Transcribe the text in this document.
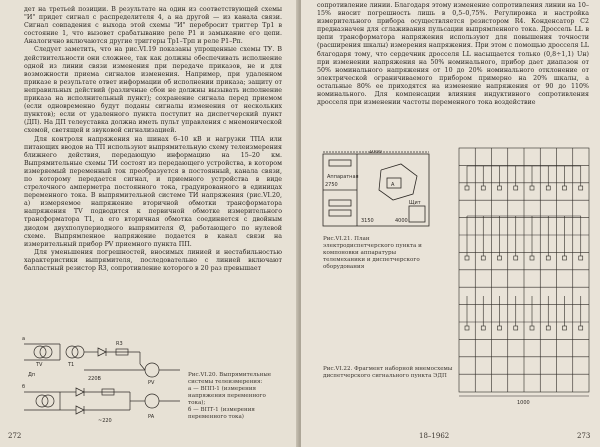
дет на третьей позиции. В результате на один из соответствующей схемы "И" придет сигнал с распределителя 4, а на другой — из канала связи. Сигнал совпадения с выхода этой схемы "И" перебросит триггер Тр1 в состояние 1, что вызовет срабатывание реле Р1 и замыкание его цепи. Аналогично включаются другие триггеры Тр1–Трп и реле Р1–Рп.

Следует заметить, что на рис.VI.19 показаны упрощенные схемы ТУ. В действительности они сложнее, так как должны обеспечивать исполнение одной из линии связи изменения при передаче приказов, не и для возможности приема сигналов изменения. Например, при удаленном приказе в результате ответ информации об исполнении приказа; защиту от неправильных действий (различные сбои не должны вызывать исполнение приказа на исполнительный пункт); сохранение сигнала перед приемом (если одновременно будут поданы сигналы изменения от нескольких пунктов); если от удаленного пункта поступит на диспетчерский пункт (ДП). На ДП телеуставка должна иметь пульт управления с мнемонической схемой, светящей и звуковой сигнализацией.

Для контроля напряжения на шинах 6–10 кВ и нагрузки ТПА или питающих вводов на ТП используют выпрямительную схему телеизмерения ближнего действия, передающую информацию на 15–20 км. Выпрямительные схемы ТИ состоят из передающего устройства, в котором измеряемый переменный ток преобразуется в постоянный, канала связи, по которому передается сигнал, и приемного устройства в виде стрелочного амперметра постоянного тока, градуированного в единицах переменного тока. В выпрямительной системе ТИ напряжения (рис.VI.20, а) измеряемое напряжение вторичной обмотки трансформатора напряжения TV подводится к первичной обмотке измерительного трансформатора T1, а его вторичная обмотка соединяется с двойным диодом двухполупериодного выпрямителя Ø, работающего по нулевой схеме. Выпрямленное напряжение подается в канал связи на измерительный прибор PV приемного пункта ПП.

Для уменьшения погрешностей, вносимых линией и нестабильностью характеристики выпрямителя, последовательно с линией включают балластный резистор R3, сопротивление которого в 20 раз превышает

а
б
TV	T1
PV
PA
Дп
R3
220В
~220
Рис.VI.20. Выпрямительные системы телеизмерения:
а — ВПП-1 (измерения напряжения переменного тока);
б — ВПТ-1 (измерения переменного тока)
272

сопротивление линии. Благодаря этому изменение сопротивления линии на 10–15% вносит погрешность лишь в 0,5–0,75%. Регулировка и настройка измерительного прибора осуществляется резистором R4. Конденсатор C2 предназначен для сглаживания пульсации выпрямленного тока. Дроссель LL в цепи трансформатора напряжения используют для повышения точности (расширения шкалы) измерения напряжения. При этом с помощью дросселя LL благодаря тому, что сердечник дросселя LL насыщается только (0,8÷1,1) Uн) при изменении напряжения на 50% номинального, прибор дает диапазон от 50% номинального напряжения от 10 до 20% номинального отклонение от электрической ограничиваемого прибором примерно на 20% шкалы, а остальные 80% ее приходятся на изменение напряжения от 90 до 110% номинального. Для компенсации влияния индуктивного сопротивления дросселя при изменении частоты переменного тока воздействие

1000
3150	4000
2750	A
Аппаратная
Щит
Рис.VI.21. План электродиспетчерского пункта и компоновки аппаратуры телемеханики и диспетчерского оборудования
1000
Рис.VI.22. Фрагмент наборной мнемосхемы диспетчерского сигнального пункта ЭДП
18–1962	273
